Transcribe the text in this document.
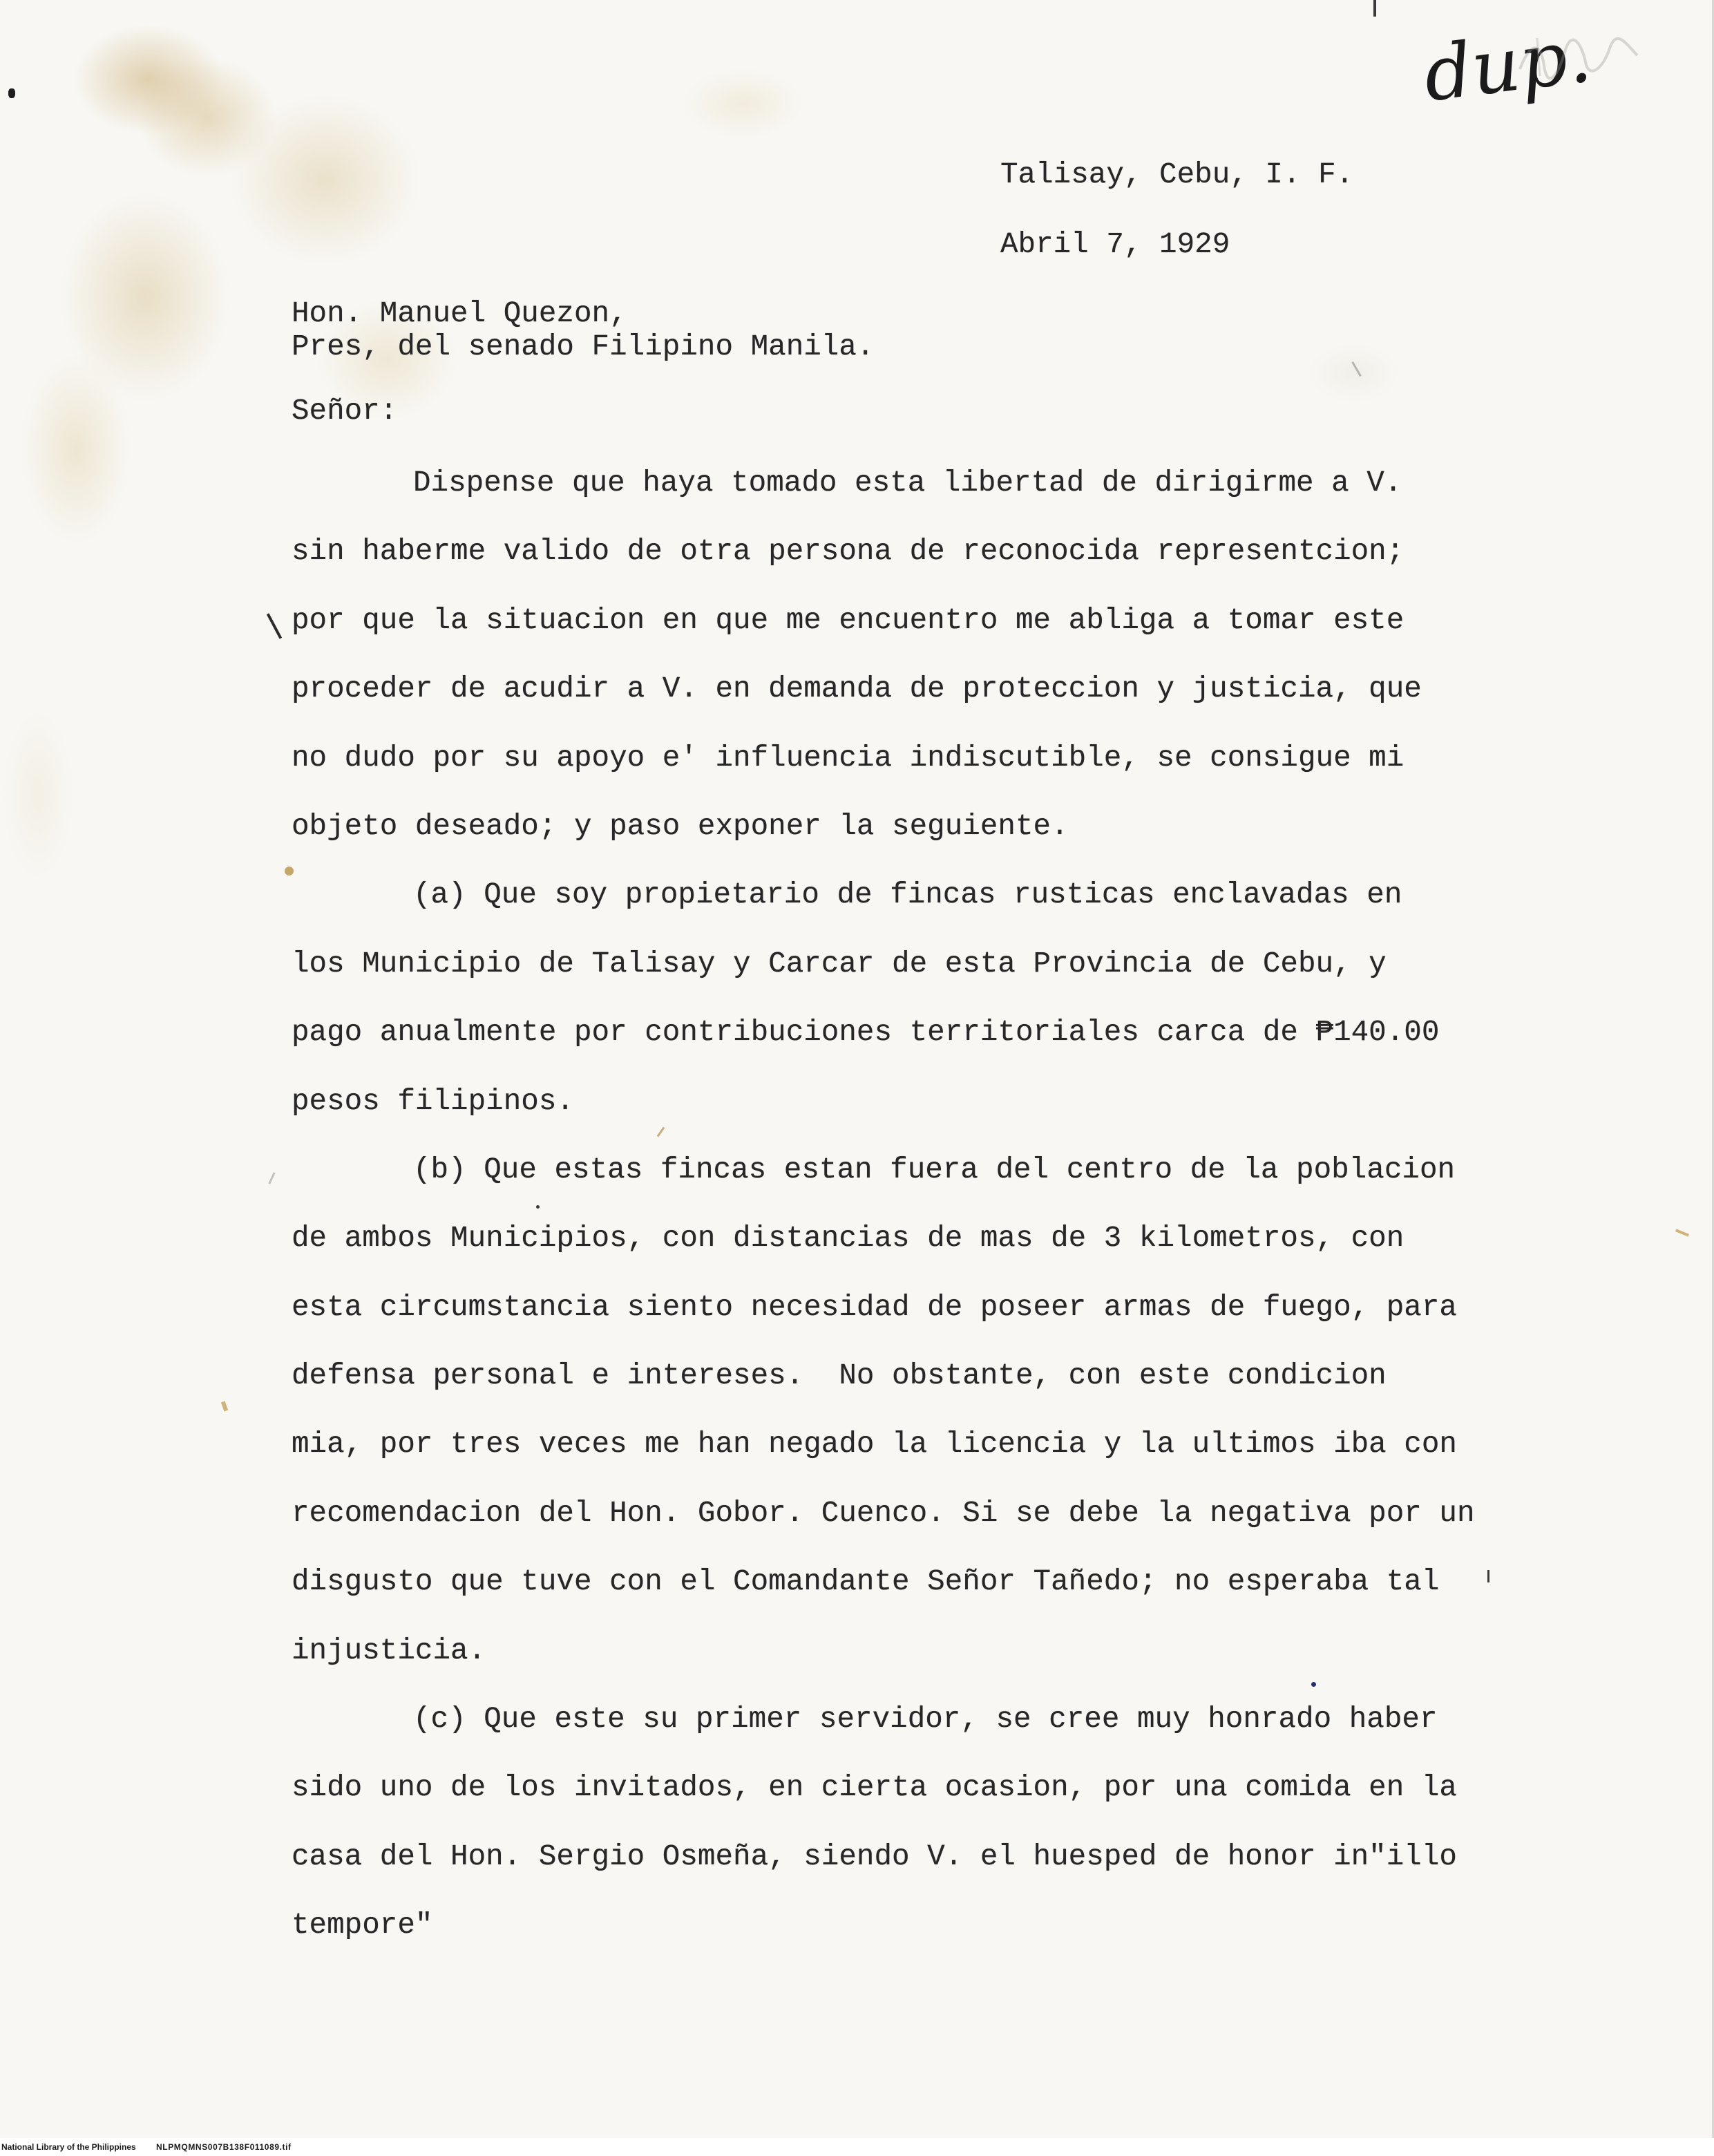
dup.
Talisay, Cebu, I. F.
Abril 7, 1929
Hon. Manuel Quezon,
Pres, del senado Filipino Manila.
Señor:
Dispense que haya tomado esta libertad de dirigirme a V.
sin haberme valido de otra persona de reconocida representcion;
por que la situacion en que me encuentro me abliga a tomar este
proceder de acudir a V. en demanda de proteccion y justicia, que
no dudo por su apoyo e' influencia indiscutible, se consigue mi
objeto deseado; y paso exponer la seguiente.
(a) Que soy propietario de fincas rusticas enclavadas en
los Municipio de Talisay y Carcar de esta Provincia de Cebu, y
pago anualmente por contribuciones territoriales carca de ₱140.00
pesos filipinos.
(b) Que estas fincas estan fuera del centro de la poblacion
de ambos Municipios, con distancias de mas de 3 kilometros, con
esta circumstancia siento necesidad de poseer armas de fuego, para
defensa personal e intereses.  No obstante, con este condicion
mia, por tres veces me han negado la licencia y la ultimos iba con
recomendacion del Hon. Gobor. Cuenco. Si se debe la negativa por un
disgusto que tuve con el Comandante Señor Tañedo; no esperaba tal
injusticia.
(c) Que este su primer servidor, se cree muy honrado haber
sido uno de los invitados, en cierta ocasion, por una comida en la
casa del Hon. Sergio Osmeña, siendo V. el huesped de honor in"illo
tempore"
National Library of the Philippines NLPMQMNS007B138F011089.tif
